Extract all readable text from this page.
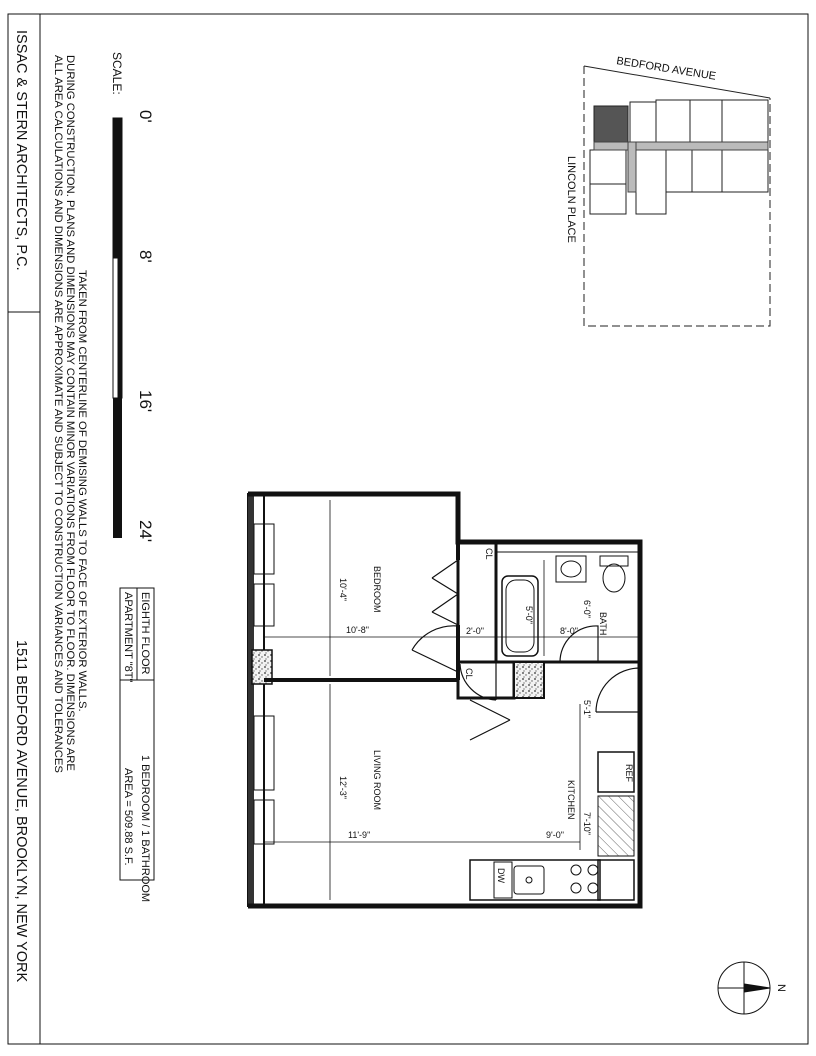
ISSAC & STERN ARCHITECTS, P.C.
1511 BEDFORD AVENUE, BROOKLYN, NEW YORK
ALL AREA CALCULATIONS AND DIMENSIONS ARE APPROXIMATE AND SUBJECT TO CONSTRUCTION VARIANCES AND TOLERANCES DURING CONSTRUCTION. PLANS AND DIMENSIONS MAY CONTAIN MINOR VARIATIONS FROM FLOOR TO FLOOR. DIMENSIONS ARE TAKEN FROM CENTERLINE OF DEMISING WALLS TO FACE OF EXTERIOR WALLS.
SCALE:
0'
8'
16'
24'
EIGHTH FLOOR
APARTMENT "8T"
1 BEDROOM / 1 BATHROOM
AREA = 509.88 S.F.
BEDFORD AVENUE
LINCOLN PLACE
BEDROOM
10'-4"
10'-8"
LIVING ROOM
12'-3"
11'-9"
BATH
6'-0"
8'-0"
KITCHEN
7'-10"
9'-0"
CL
CL
5'-0"
2'-0"
5'-1"
REF
DW
N
